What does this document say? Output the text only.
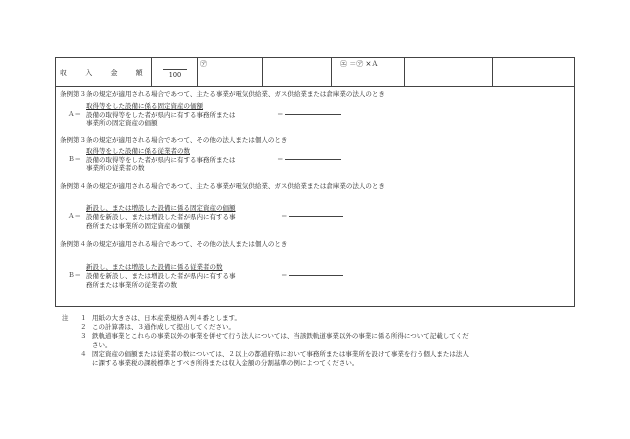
収 入 金 額	100
㋐	㋓ ＝㋐ ×Ａ
条例第３条の規定が適用される場合であつて、主たる事業が電気供給業、ガス供給業または倉庫業の法人のとき
Ａ＝
取得等をした設備に係る固定資産の価額
設備の取得等をした者が県内に有する事務所または
事業所の固定資産の価額
＝
条例第３条の規定が適用される場合であつて、その他の法人または個人のとき
Ｂ＝
取得等をした設備に係る従業者の数
設備の取得等をした者が県内に有する事務所または
事業所の従業者の数
＝
条例第４条の規定が適用される場合であつて、主たる事業が電気供給業、ガス供給業または倉庫業の法人のとき
Ａ＝
新設し、または増設した設備に係る固定資産の価額
設備を新設し、または増設した者が県内に有する事
務所または事業所の固定資産の価額
＝
条例第４条の規定が適用される場合であつて、その他の法人または個人のとき
Ｂ＝
新設し、または増設した設備に係る従業者の数
設備を新設し、または増設した者が県内に有する事
務所または事業所の従業者の数
＝
注 １ 用紙の大きさは、日本産業規格Ａ列４番とします。
２ この計算書は、３通作成して提出してください。
３ 鉄軌道事業とこれらの事業以外の事業を併せて行う法人については、当該鉄軌道事業以外の事業に係る所得について記載してくだ
さい。
４ 固定資産の価額または従業者の数については、２以上の都道府県において事務所または事業所を設けて事業を行う個人または法人
に課する事業税の課税標準とすべき所得または収入金額の分割基準の例によつてください。
